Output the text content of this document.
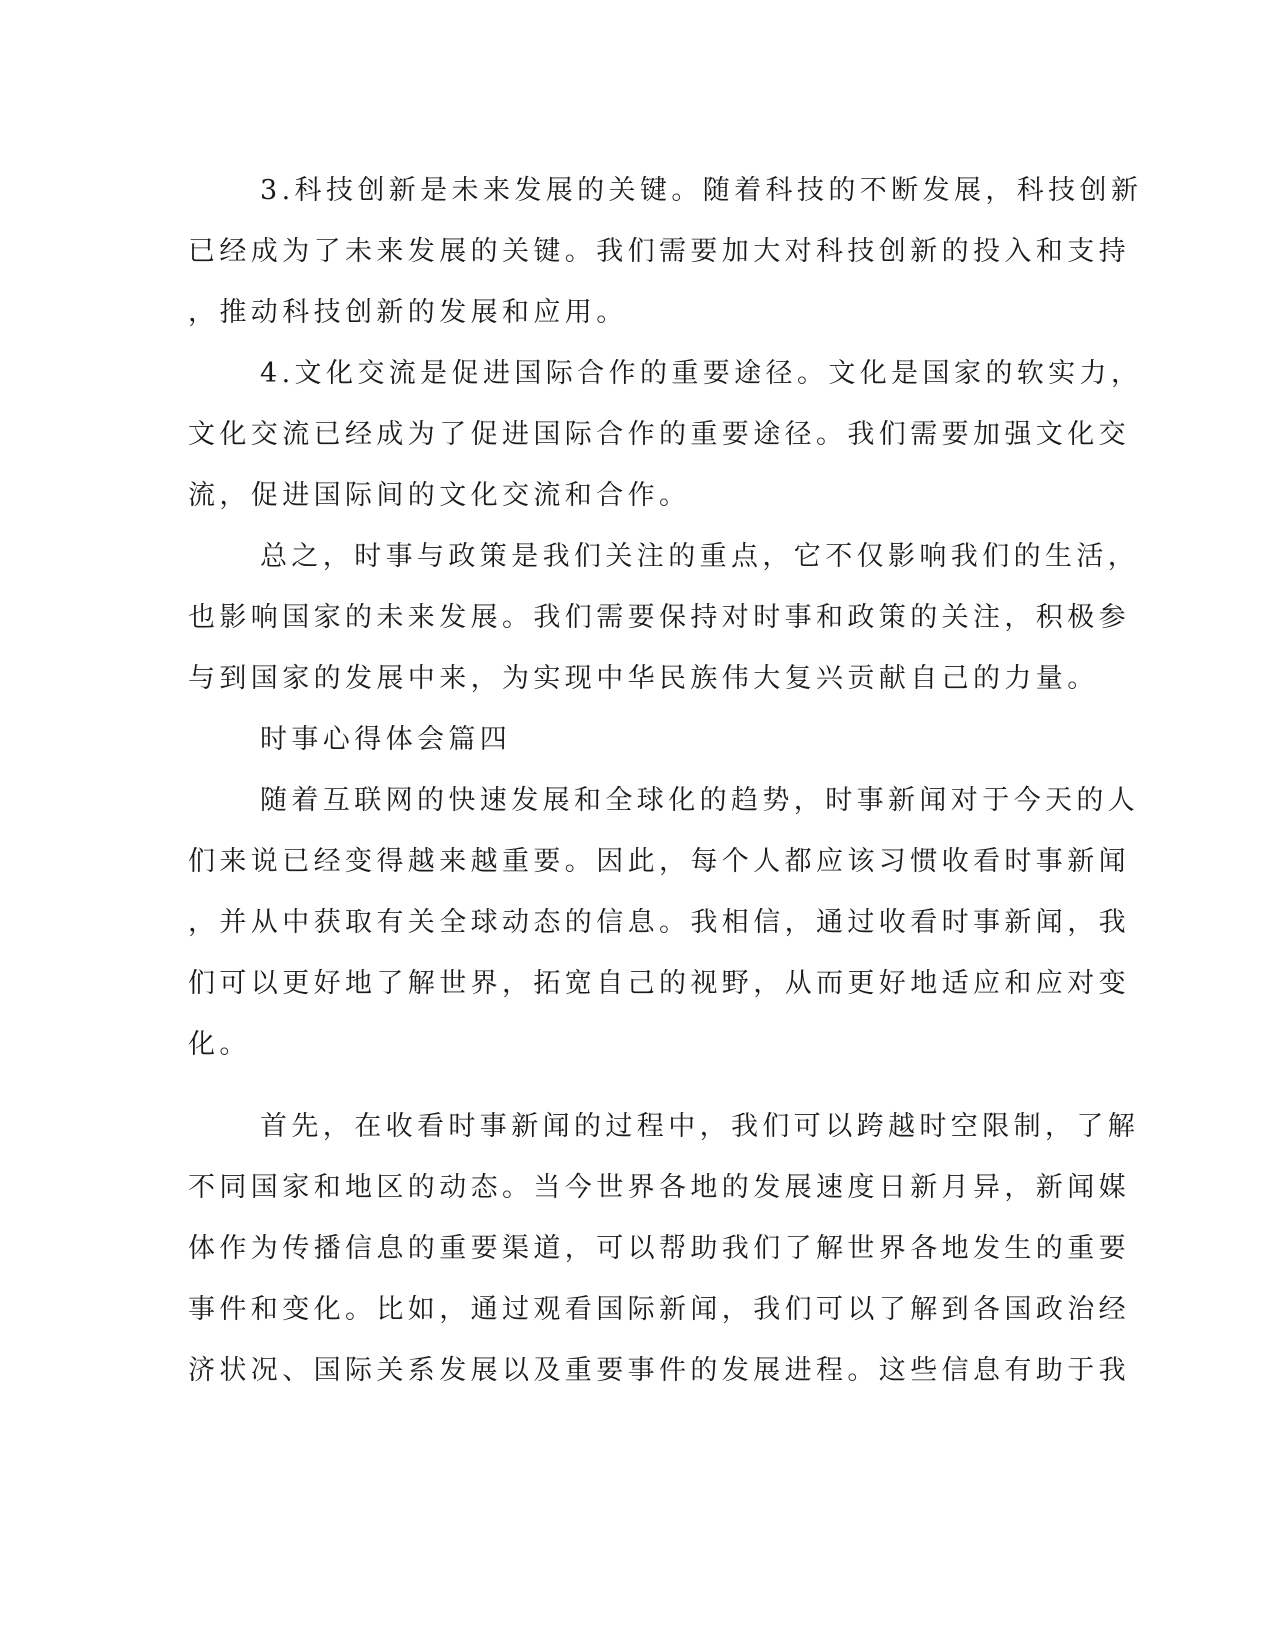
3.科技创新是未来发展的关键。随着科技的不断发展，科技创新
已经成为了未来发展的关键。我们需要加大对科技创新的投入和支持
，推动科技创新的发展和应用。
4.文化交流是促进国际合作的重要途径。文化是国家的软实力，
文化交流已经成为了促进国际合作的重要途径。我们需要加强文化交
流，促进国际间的文化交流和合作。
总之，时事与政策是我们关注的重点，它不仅影响我们的生活，
也影响国家的未来发展。我们需要保持对时事和政策的关注，积极参
与到国家的发展中来，为实现中华民族伟大复兴贡献自己的力量。
时事心得体会篇四
随着互联网的快速发展和全球化的趋势，时事新闻对于今天的人
们来说已经变得越来越重要。因此，每个人都应该习惯收看时事新闻
，并从中获取有关全球动态的信息。我相信，通过收看时事新闻，我
们可以更好地了解世界，拓宽自己的视野，从而更好地适应和应对变
化。
首先，在收看时事新闻的过程中，我们可以跨越时空限制，了解
不同国家和地区的动态。当今世界各地的发展速度日新月异，新闻媒
体作为传播信息的重要渠道，可以帮助我们了解世界各地发生的重要
事件和变化。比如，通过观看国际新闻，我们可以了解到各国政治经
济状况、国际关系发展以及重要事件的发展进程。这些信息有助于我
